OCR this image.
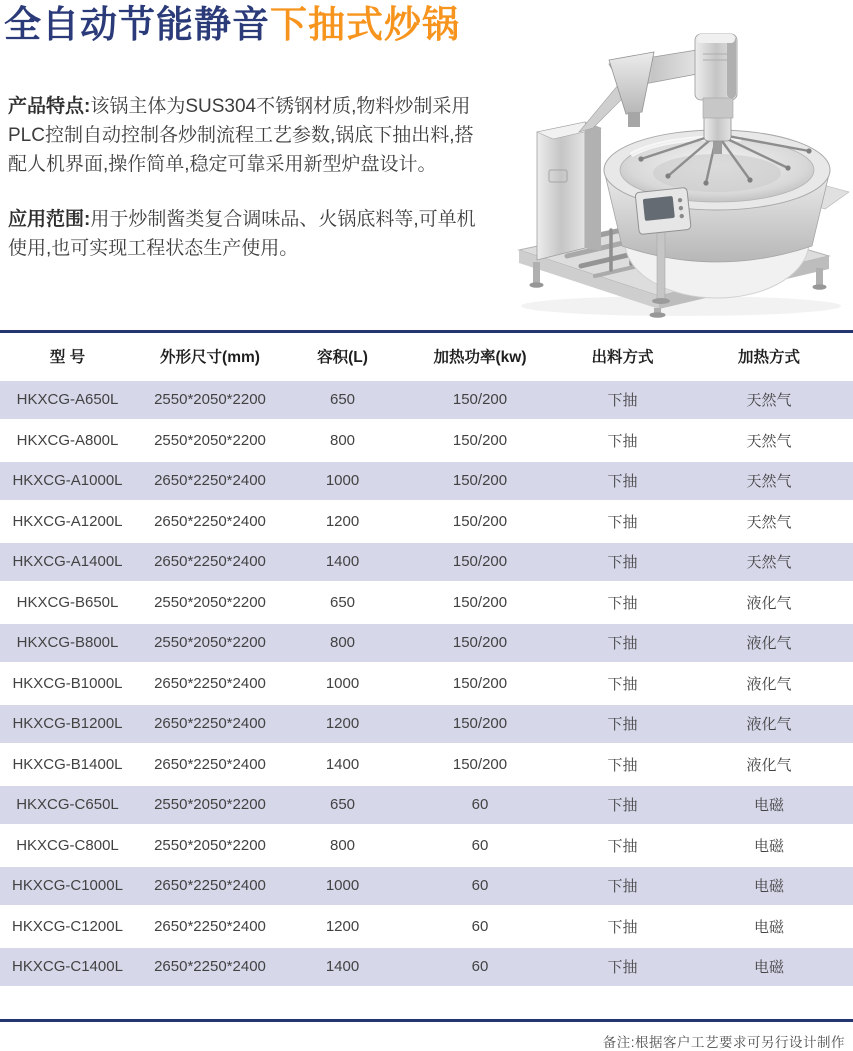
全自动节能静音下抽式炒锅

产品特点:该锅主体为SUS304不锈钢材质,物料炒制采用PLC控制自动控制各炒制流程工艺参数,锅底下抽出料,搭配人机界面,操作简单,稳定可靠采用新型炉盘设计。

应用范围:用于炒制酱类复合调味品、火锅底料等,可单机使用,也可实现工程状态生产使用。

型 号	外形尺寸(mm)	容积(L)	加热功率(kw)	出料方式	加热方式
HKXCG-A650L	2550*2050*2200	650	150/200	下抽	天然气
HKXCG-A800L	2550*2050*2200	800	150/200	下抽	天然气
HKXCG-A1000L	2650*2250*2400	1000	150/200	下抽	天然气
HKXCG-A1200L	2650*2250*2400	1200	150/200	下抽	天然气
HKXCG-A1400L	2650*2250*2400	1400	150/200	下抽	天然气
HKXCG-B650L	2550*2050*2200	650	150/200	下抽	液化气
HKXCG-B800L	2550*2050*2200	800	150/200	下抽	液化气
HKXCG-B1000L	2650*2250*2400	1000	150/200	下抽	液化气
HKXCG-B1200L	2650*2250*2400	1200	150/200	下抽	液化气
HKXCG-B1400L	2650*2250*2400	1400	150/200	下抽	液化气
HKXCG-C650L	2550*2050*2200	650	60	下抽	电磁
HKXCG-C800L	2550*2050*2200	800	60	下抽	电磁
HKXCG-C1000L	2650*2250*2400	1000	60	下抽	电磁
HKXCG-C1200L	2650*2250*2400	1200	60	下抽	电磁
HKXCG-C1400L	2650*2250*2400	1400	60	下抽	电磁
备注:根据客户工艺要求可另行设计制作
